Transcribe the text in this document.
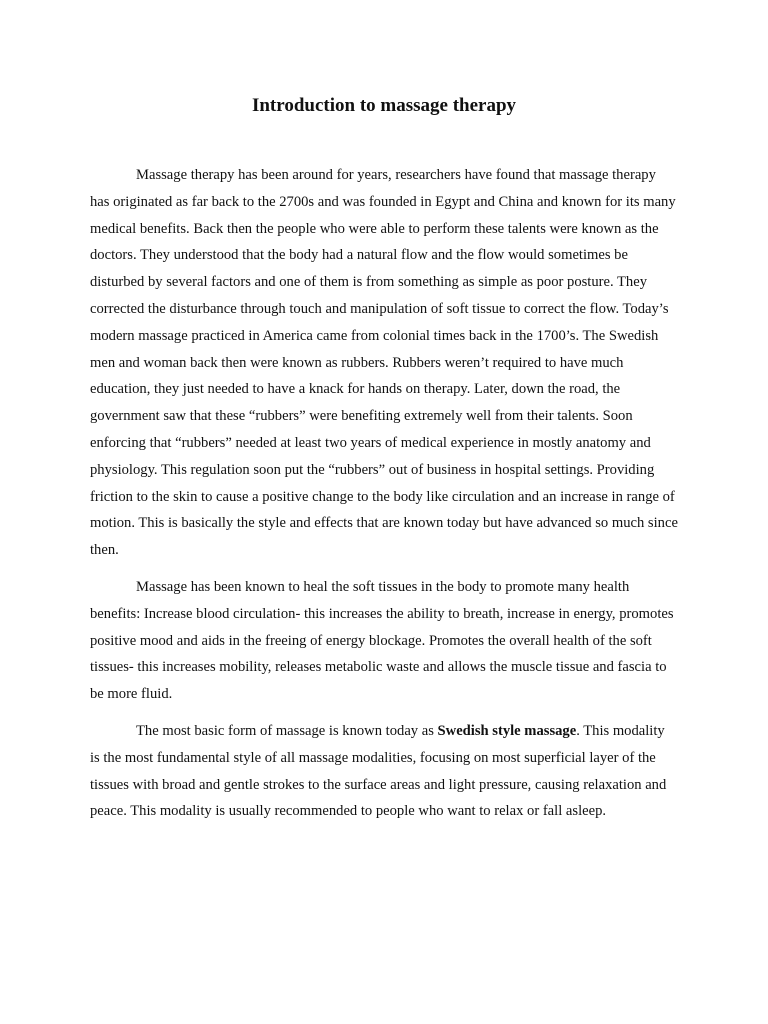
Introduction to massage therapy

Massage therapy has been around for years, researchers have found that massage therapy has originated as far back to the 2700s and was founded in Egypt and China and known for its many medical benefits. Back then the people who were able to perform these talents were known as the doctors. They understood that the body had a natural flow and the flow would sometimes be disturbed by several factors and one of them is from something as simple as poor posture. They corrected the disturbance through touch and manipulation of soft tissue to correct the flow. Today’s modern massage practiced in America came from colonial times back in the 1700’s. The Swedish men and woman back then were known as rubbers. Rubbers weren’t required to have much education, they just needed to have a knack for hands on therapy. Later, down the road, the government saw that these “rubbers” were benefiting extremely well from their talents. Soon enforcing that “rubbers” needed at least two years of medical experience in mostly anatomy and physiology. This regulation soon put the “rubbers” out of business in hospital settings. Providing friction to the skin to cause a positive change to the body like circulation and an increase in range of motion. This is basically the style and effects that are known today but have advanced so much since then.

Massage has been known to heal the soft tissues in the body to promote many health benefits: Increase blood circulation- this increases the ability to breath, increase in energy, promotes positive mood and aids in the freeing of energy blockage. Promotes the overall health of the soft tissues- this increases mobility, releases metabolic waste and allows the muscle tissue and fascia to be more fluid.

The most basic form of massage is known today as Swedish style massage. This modality is the most fundamental style of all massage modalities, focusing on most superficial layer of the tissues with broad and gentle strokes to the surface areas and light pressure, causing relaxation and peace. This modality is usually recommended to people who want to relax or fall asleep.
